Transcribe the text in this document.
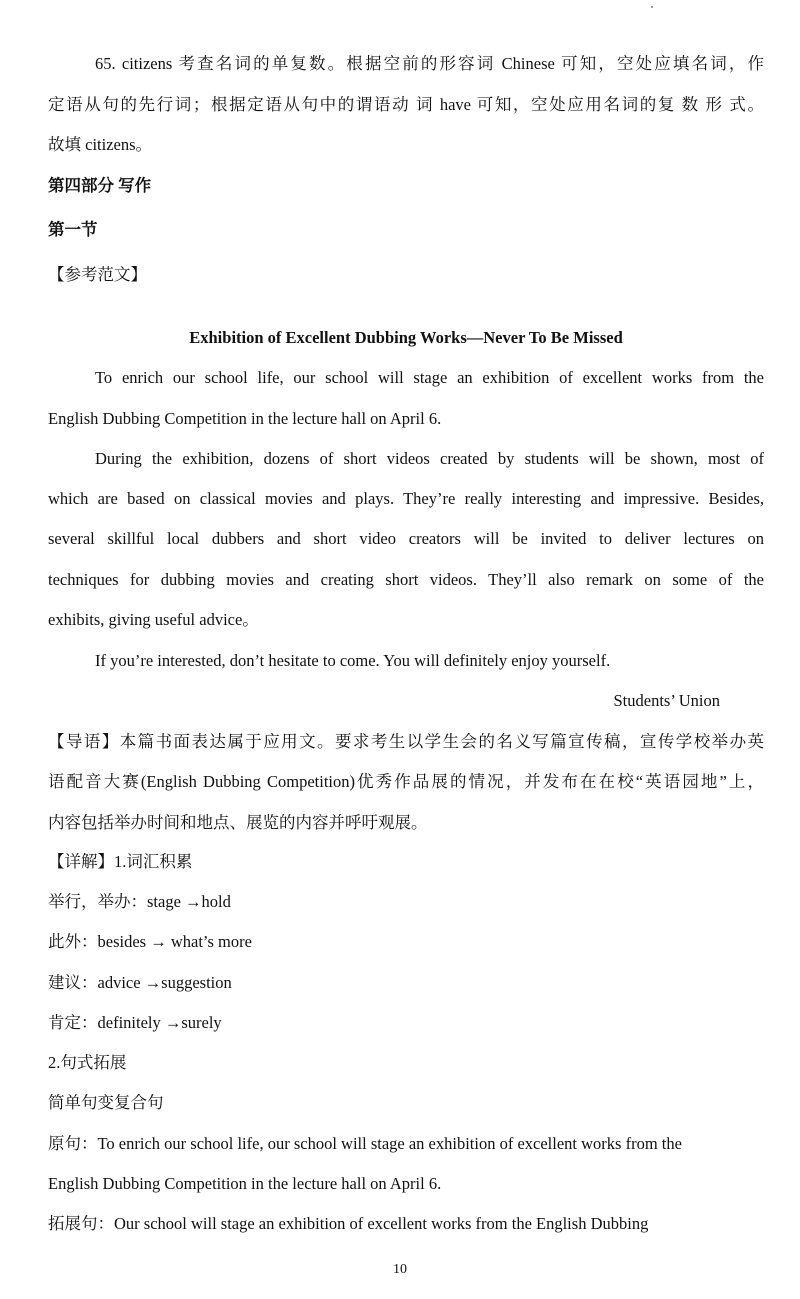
65. citizens 考查名词的单复数。根据空前的形容词 Chinese 可知，空处应填名词，作
定语从句的先行词；根据定语从句中的谓语动 词 have 可知，空处应用名词的复 数 形 式。
故填 citizens。
第四部分 写作
第一节
【参考范文】
Exhibition of Excellent Dubbing Works—Never To Be Missed
To enrich our school life, our school will stage an exhibition of excellent works from the
English Dubbing Competition in the lecture hall on April 6.
During the exhibition, dozens of short videos created by students will be shown, most of
which are based on classical movies and plays. They’re really interesting and impressive. Besides,
several skillful local dubbers and short video creators will be invited to deliver lectures on
techniques for dubbing movies and creating short videos. They’ll also remark on some of the
exhibits, giving useful advice。
If you’re interested, don’t hesitate to come. You will definitely enjoy yourself.
Students’ Union
【导语】本篇书面表达属于应用文。要求考生以学生会的名义写篇宣传稿，宣传学校举办英
语配音大赛(English Dubbing Competition)优秀作品展的情况，并发布在在校“英语园地”上，
内容包括举办时间和地点、展览的内容并呼吁观展。
【详解】1.词汇积累
举行，举办：stage →hold
此外：besides → what’s more
建议：advice →suggestion
肯定：definitely →surely
2.句式拓展
简单句变复合句
原句：To enrich our school life, our school will stage an exhibition of excellent works from the
English Dubbing Competition in the lecture hall on April 6.
拓展句：Our school will stage an exhibition of excellent works from the English Dubbing
10
